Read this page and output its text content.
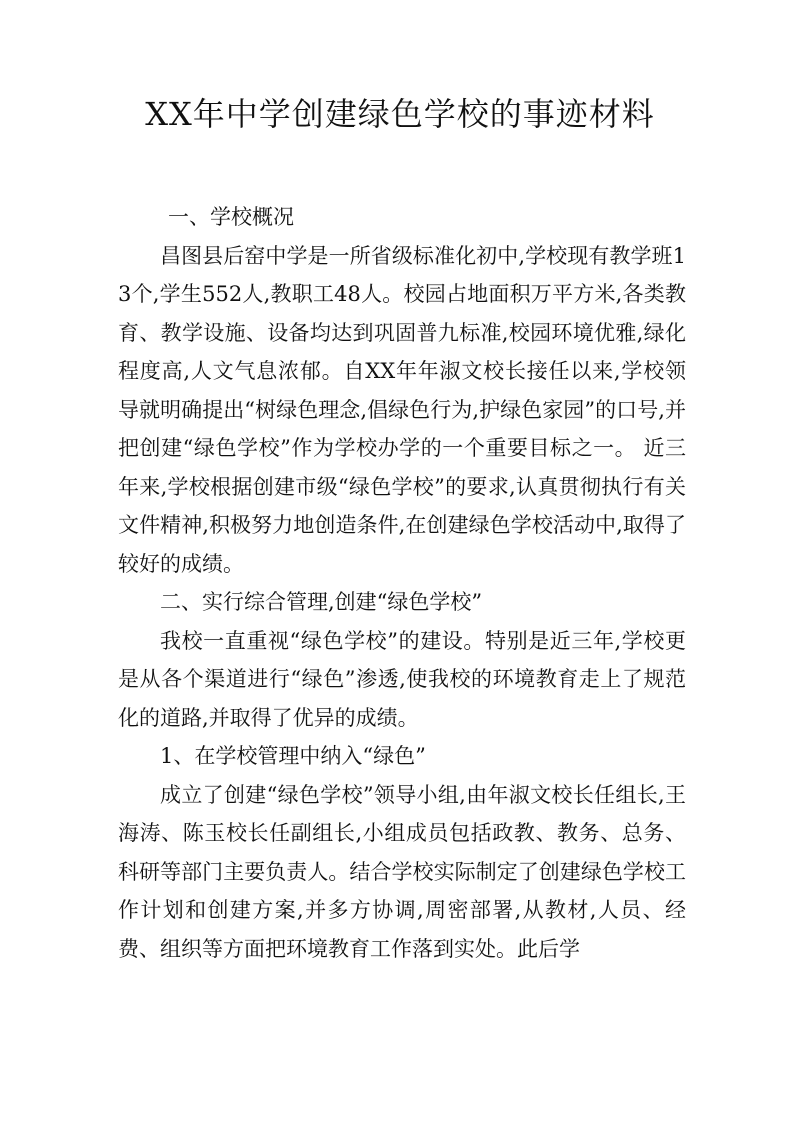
XX年中学创建绿色学校的事迹材料

一、学校概况

昌图县后窑中学是一所省级标准化初中,学校现有教学班13个,学生552人,教职工48人。校园占地面积万平方米,各类教育、教学设施、设备均达到巩固普九标准,校园环境优雅,绿化程度高,人文气息浓郁。自XX年年淑文校长接任以来,学校领导就明确提出“树绿色理念,倡绿色行为,护绿色家园”的口号,并把创建“绿色学校”作为学校办学的一个重要目标之一。 近三年来,学校根据创建市级“绿色学校”的要求,认真贯彻执行有关文件精神,积极努力地创造条件,在创建绿色学校活动中,取得了较好的成绩。

二、实行综合管理,创建“绿色学校”

我校一直重视“绿色学校”的建设。特别是近三年,学校更是从各个渠道进行“绿色”渗透,使我校的环境教育走上了规范化的道路,并取得了优异的成绩。

1、在学校管理中纳入“绿色”

成立了创建“绿色学校”领导小组,由年淑文校长任组长,王海涛、陈玉校长任副组长,小组成员包括政教、教务、总务、科研等部门主要负责人。结合学校实际制定了创建绿色学校工作计划和创建方案,并多方协调,周密部署,从教材,人员、经费、组织等方面把环境教育工作落到实处。此后学
